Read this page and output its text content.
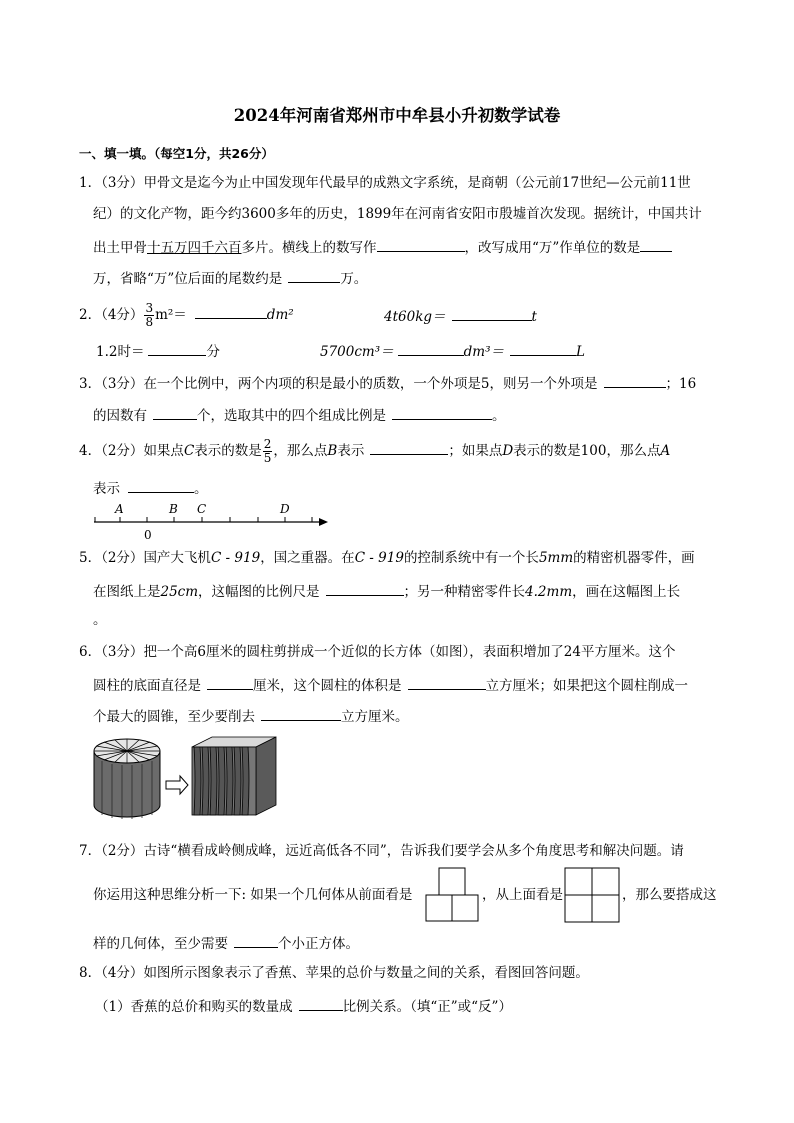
2024年河南省郑州市中牟县小升初数学试卷
一、填一填。（每空1分，共26分）
1．（3分）甲骨文是迄今为止中国发现年代最早的成熟文字系统，是商朝（公元前17世纪—公元前11世
纪）的文化产物，距今约3600多年的历史，1899年在河南省安阳市殷墟首次发现。据统计，中国共计
出土甲骨十五万四千六百多片。横线上的数写作	，改写成用“万”作单位的数是
万，省略“万”位后面的尾数约是	万。
2．（4分） $\frac{3}{8} m^2=$	dm²	4t60kg＝	t
1.2时＝	分	5700cm³＝	dm³＝	L
3．（3分）在一个比例中，两个内项的积是最小的质数，一个外项是5，则另一个外项是	；16
的因数有	个，选取其中的四个组成比例是	。
4．（2分）如果点C表示的数是 $\frac{2}{5}$ ，那么点B表示	；如果点D表示的数是100，那么点A
表示	。
A	B C	D
0
5．（2分）国产大飞机C - 919，国之重器。在C - 919的控制系统中有一个长5mm的精密机器零件，画
在图纸上是25cm，这幅图的比例尺是	；另一种精密零件长4.2mm，画在这幅图上长
。
6．（3分）把一个高6厘米的圆柱剪拼成一个近似的长方体（如图），表面积增加了24平方厘米。这个
圆柱的底面直径是	厘米，这个圆柱的体积是	立方厘米；如果把这个圆柱削成一
个最大的圆锥，至少要削去	立方厘米。
7．（2分）古诗“横看成岭侧成峰，远近高低各不同”，告诉我们要学会从多个角度思考和解决问题。请
你运用这种思维分析一下: 如果一个几何体从前面看是	，从上面看是	，那么要搭成这
样的几何体，至少需要	个小正方体。
8．（4分）如图所示图象表示了香蕉、苹果的总价与数量之间的关系，看图回答问题。
（1）香蕉的总价和购买的数量成	比例关系。（填“正”或“反”）
